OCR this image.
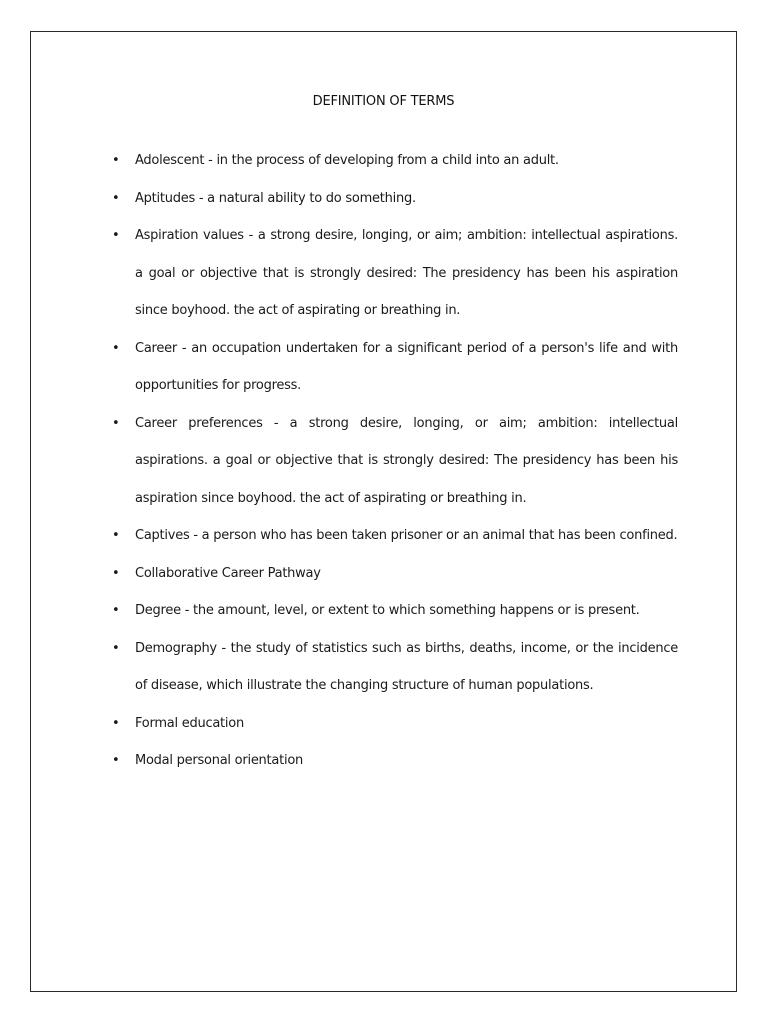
DEFINITION OF TERMS
• Adolescent - in the process of developing from a child into an adult.
• Aptitudes - a natural ability to do something.
• Aspiration values - a strong desire, longing, or aim; ambition: intellectual aspirations. a goal or objective that is strongly desired: The presidency has been his aspiration since boyhood. the act of aspirating or breathing in.
• Career - an occupation undertaken for a significant period of a person's life and with opportunities for progress.
• Career preferences - a strong desire, longing, or aim; ambition: intellectual aspirations. a goal or objective that is strongly desired: The presidency has been his aspiration since boyhood. the act of aspirating or breathing in.
• Captives - a person who has been taken prisoner or an animal that has been confined.
• Collaborative Career Pathway
• Degree - the amount, level, or extent to which something happens or is present.
• Demography - the study of statistics such as births, deaths, income, or the incidence of disease, which illustrate the changing structure of human populations.
• Formal education
• Modal personal orientation
